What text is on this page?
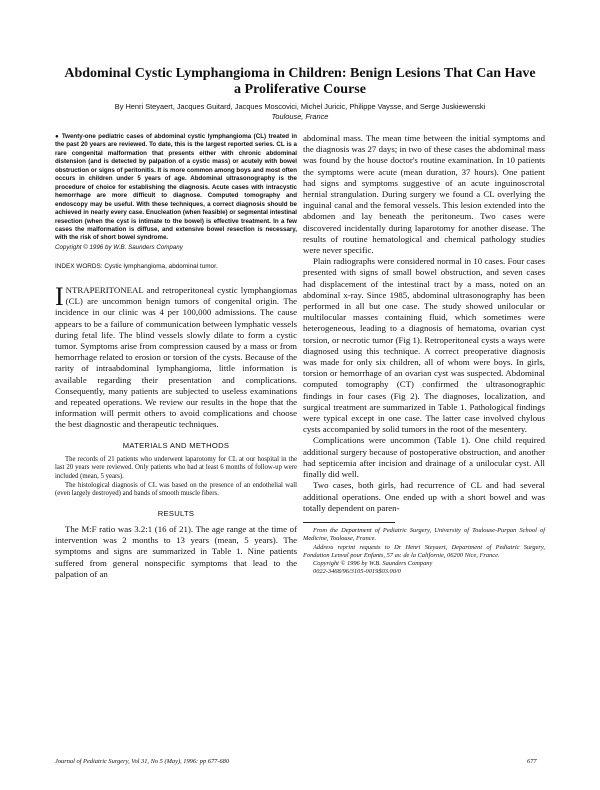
Abdominal Cystic Lymphangioma in Children: Benign Lesions That Can Have a Proliferative Course
By Henri Steyaert, Jacques Guitard, Jacques Moscovici, Michel Juricic, Philippe Vaysse, and Serge Juskiewenski
Toulouse, France

● Twenty-one pediatric cases of abdominal cystic lymphangioma (CL) treated in the past 20 years are reviewed. To date, this is the largest reported series. CL is a rare congenital malformation that presents either with chronic abdominal distension (and is detected by palpation of a cystic mass) or acutely with bowel obstruction or signs of peritonitis. It is more common among boys and most often occurs in children under 5 years of age. Abdominal ultrasonography is the procedure of choice for establishing the diagnosis. Acute cases with intracystic hemorrhage are more difficult to diagnose. Computed tomography and endoscopy may be useful. With these techniques, a correct diagnosis should be achieved in nearly every case. Enucleation (when feasible) or segmental intestinal resection (when the cyst is intimate to the bowel) is effective treatment. In a few cases the malformation is diffuse, and extensive bowel resection is necessary, with the risk of short bowel syndrome.

Copyright © 1996 by W.B. Saunders Company

INDEX WORDS: Cystic lymphangioma, abdominal tumor.

INTRAPERITONEAL and retroperitoneal cystic lymphangiomas (CL) are uncommon benign tumors of congenital origin. The incidence in our clinic was 4 per 100,000 admissions. The cause appears to be a failure of communication between lymphatic vessels during fetal life. The blind vessels slowly dilate to form a cystic tumor. Symptoms arise from compression caused by a mass or from hemorrhage related to erosion or torsion of the cysts. Because of the rarity of intraabdominal lymphangioma, little information is available regarding their presentation and complications. Consequently, many patients are subjected to useless examinations and repeated operations. We review our results in the hope that the information will permit others to avoid complications and choose the best diagnostic and therapeutic techniques.

MATERIALS AND METHODS

The records of 21 patients who underwent laparotomy for CL at our hospital in the last 20 years were reviewed. Only patients who had at least 6 months of follow-up were included (mean, 5 years).

The histological diagnosis of CL was based on the presence of an endothelial wall (even largely destroyed) and bands of smooth muscle fibers.

RESULTS

The M:F ratio was 3.2:1 (16 of 21). The age range at the time of intervention was 2 months to 13 years (mean, 5 years). The symptoms and signs are summarized in Table 1. Nine patients suffered from general nonspecific symptoms that lead to the palpation of an

abdominal mass. The mean time between the initial symptoms and the diagnosis was 27 days; in two of these cases the abdominal mass was found by the house doctor's routine examination. In 10 patients the symptoms were acute (mean duration, 37 hours). One patient had signs and symptoms suggestive of an acute inguinoscrotal hernial strangulation. During surgery we found a CL overlying the inguinal canal and the femoral vessels. This lesion extended into the abdomen and lay beneath the peritoneum. Two cases were discovered incidentally during laparotomy for another disease. The results of routine hematological and chemical pathology studies were never specific.

Plain radiographs were considered normal in 10 cases. Four cases presented with signs of small bowel obstruction, and seven cases had displacement of the intestinal tract by a mass, noted on an abdominal x-ray. Since 1985, abdominal ultrasonography has been performed in all but one case. The study showed unilocular or multilocular masses containing fluid, which sometimes were heterogeneous, leading to a diagnosis of hematoma, ovarian cyst torsion, or necrotic tumor (Fig 1). Retroperitoneal cysts a ways were diagnosed using this technique. A correct preoperative diagnosis was made for only six children, all of whom were boys. In girls, torsion or hemorrhage of an ovarian cyst was suspected. Abdominal computed tomography (CT) confirmed the ultrasonographic findings in four cases (Fig 2). The diagnoses, localization, and surgical treatment are summarized in Table 1. Pathological findings were typical except in one case. The latter case involved chylous cysts accompanied by solid tumors in the root of the mesentery.

Complications were uncommon (Table 1). One child required additional surgery because of postoperative obstruction, and another had septicemia after incision and drainage of a unilocular cyst. All finally did well.

Two cases, both girls, had recurrence of CL and had several additional operations. One ended up with a short bowel and was totally dependent on paren-

From the Department of Pediatric Surgery, University of Toulouse-Purpan School of Medicine, Toulouse, France.

Address reprint requests to Dr Henri Steyaert, Department of Pediatric Surgery, Fondation Lenval pour Enfants, 57 av. de la Californie, 06200 Nice, France.

Copyright © 1996 by W.B. Saunders Company

0022-3468/96/3105-0019$03.00/0

Journal of Pediatric Surgery, Vol 31, No 5 (May), 1996: pp 677-680	677
